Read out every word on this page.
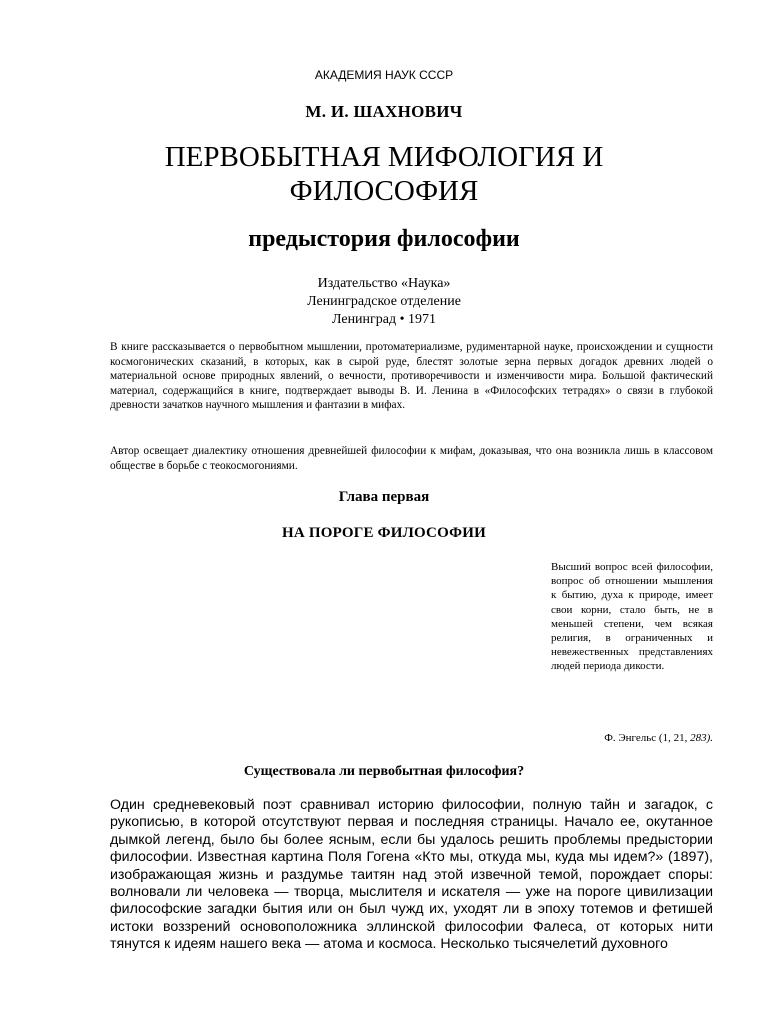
АКАДЕМИЯ НАУК СССР
М. И. ШАХНОВИЧ
ПЕРВОБЫТНАЯ МИФОЛОГИЯ И
ФИЛОСОФИЯ
предыстория философии
Издательство «Наука»
Ленинградское отделение
Ленинград • 1971
В книге рассказывается о первобытном мышлении, протоматериализме, рудиментарной науке, происхождении и сущности космогонических сказаний, в которых, как в сырой руде, блестят золотые зерна первых догадок древних людей о материальной основе природных явлений, о вечности, противоречивости и изменчивости мира. Большой фактический материал, содержащийся в книге, подтверждает выводы В. И. Ленина в «Философских тетрадях» о связи в глубокой древности зачатков научного мышления и фантазии в мифах.
Автор освещает диалектику отношения древнейшей философии к мифам, доказывая, что она возникла лишь в классовом обществе в борьбе с теокосмогониями.
Глава первая
НА ПОРОГЕ ФИЛОСОФИИ
Высший вопрос всей философии, вопрос об отношении мышления к бытию, духа к природе, имеет свои корни, стало быть, не в меньшей степени, чем всякая религия, в ограниченных и невежественных представлениях людей периода дикости.
Ф. Энгельс (1, 21, 283).
Существовала ли первобытная философия?
Один средневековый поэт сравнивал историю философии, полную тайн и загадок, с рукописью, в которой отсутствуют первая и последняя страницы. Начало ее, окутанное дымкой легенд, было бы более ясным, если бы удалось решить проблемы предыстории философии. Известная картина Поля Гогена «Кто мы, откуда мы, куда мы идем?» (1897), изображающая жизнь и раздумье таитян над этой извечной темой, порождает споры: волновали ли человека — творца, мыслителя и искателя — уже на пороге цивилизации философские загадки бытия или он был чужд их, уходят ли в эпоху тотемов и фетишей истоки воззрений основоположника эллинской философии Фалеса, от которых нити тянутся к идеям нашего века — атома и космоса. Несколько тысячелетий духовного
